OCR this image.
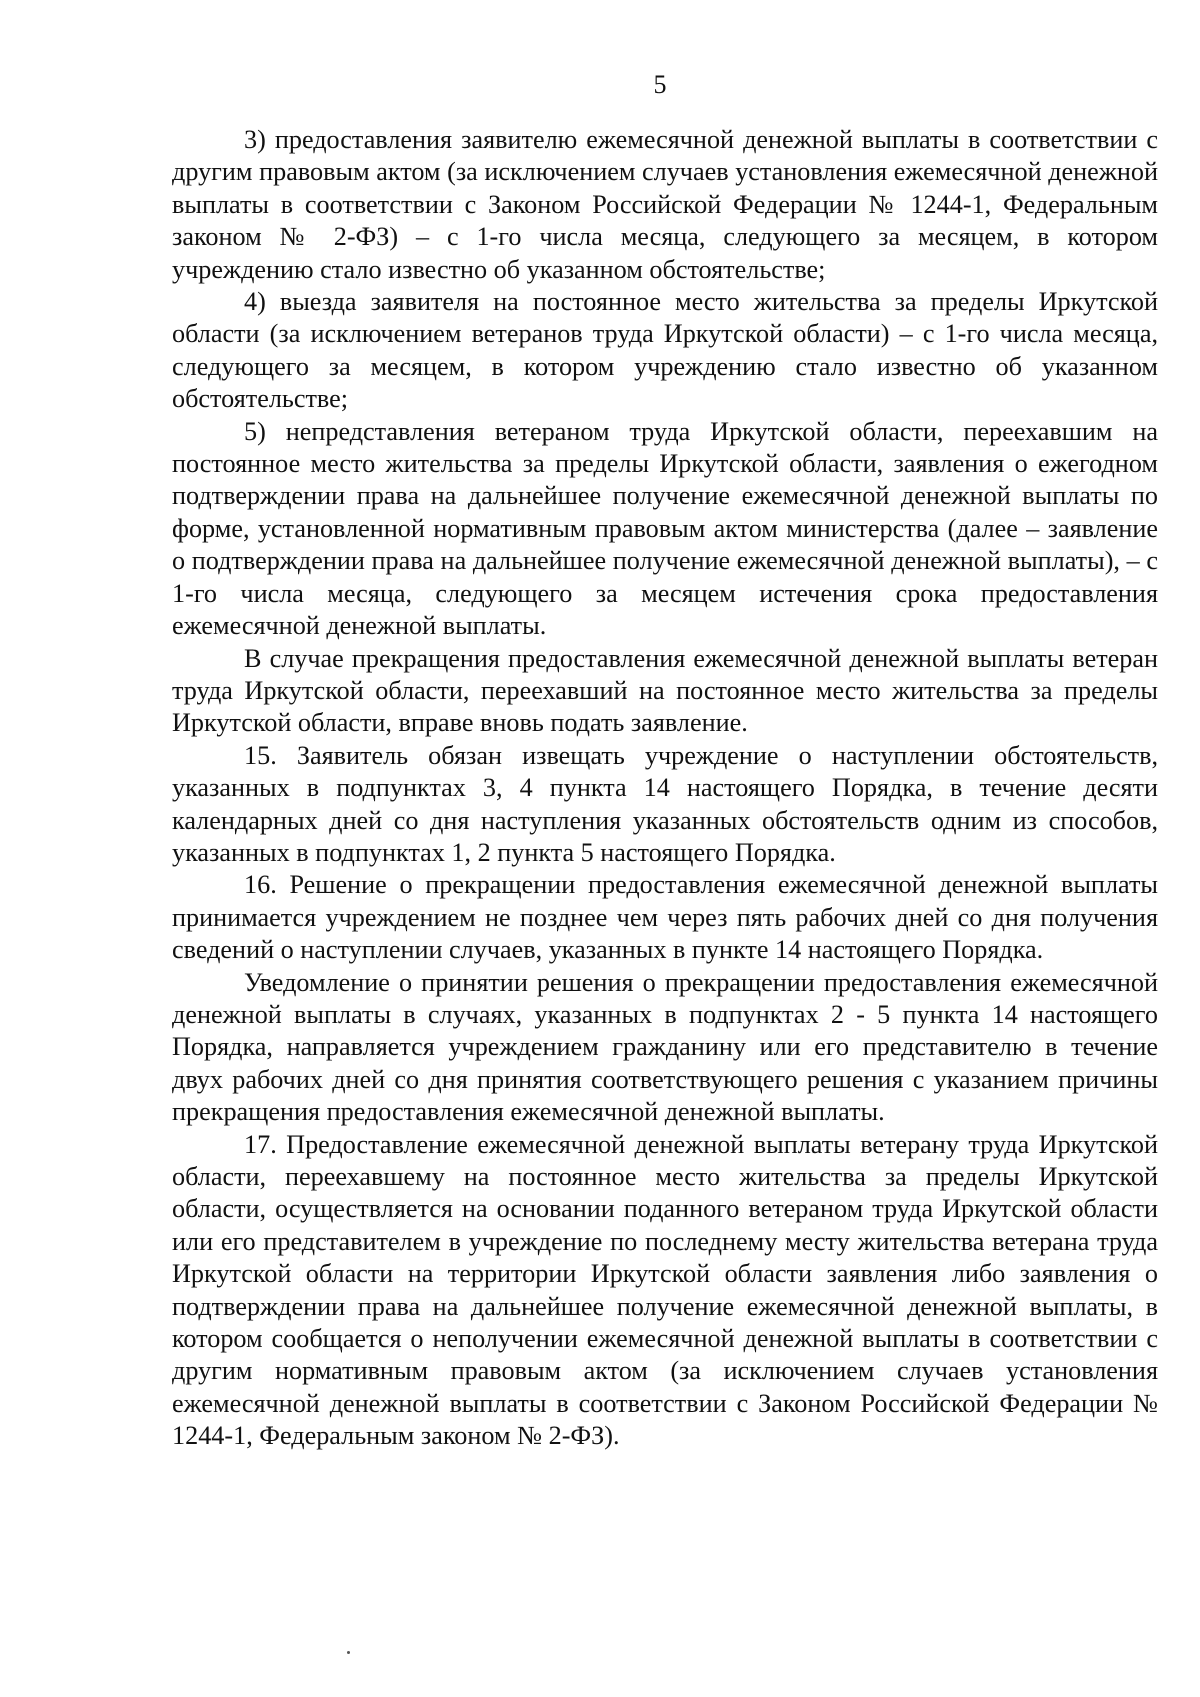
5

3) предоставления заявителю ежемесячной денежной выплаты в соответствии с другим правовым актом (за исключением случаев установления ежемесячной денежной выплаты в соответствии с Законом Российской Федерации № 1244-1, Федеральным законом № 2-ФЗ) – с 1-го числа месяца, следующего за месяцем, в котором учреждению стало известно об указанном обстоятельстве;

4) выезда заявителя на постоянное место жительства за пределы Иркутской области (за исключением ветеранов труда Иркутской области) – с 1-го числа месяца, следующего за месяцем, в котором учреждению стало известно об указанном обстоятельстве;

5) непредставления ветераном труда Иркутской области, переехавшим на постоянное место жительства за пределы Иркутской области, заявления о ежегодном подтверждении права на дальнейшее получение ежемесячной денежной выплаты по форме, установленной нормативным правовым актом министерства (далее – заявление о подтверждении права на дальнейшее получение ежемесячной денежной выплаты), – с 1-го числа месяца, следующего за месяцем истечения срока предоставления ежемесячной денежной выплаты.

В случае прекращения предоставления ежемесячной денежной выплаты ветеран труда Иркутской области, переехавший на постоянное место жительства за пределы Иркутской области, вправе вновь подать заявление.

15. Заявитель обязан извещать учреждение о наступлении обстоятельств, указанных в подпунктах 3, 4 пункта 14 настоящего Порядка, в течение десяти календарных дней со дня наступления указанных обстоятельств одним из способов, указанных в подпунктах 1, 2 пункта 5 настоящего Порядка.

16. Решение о прекращении предоставления ежемесячной денежной выплаты принимается учреждением не позднее чем через пять рабочих дней со дня получения сведений о наступлении случаев, указанных в пункте 14 настоящего Порядка.

Уведомление о принятии решения о прекращении предоставления ежемесячной денежной выплаты в случаях, указанных в подпунктах 2 - 5 пункта 14 настоящего Порядка, направляется учреждением гражданину или его представителю в течение двух рабочих дней со дня принятия соответствующего решения с указанием причины прекращения предоставления ежемесячной денежной выплаты.

17. Предоставление ежемесячной денежной выплаты ветерану труда Иркутской области, переехавшему на постоянное место жительства за пределы Иркутской области, осуществляется на основании поданного ветераном труда Иркутской области или его представителем в учреждение по последнему месту жительства ветерана труда Иркутской области на территории Иркутской области заявления либо заявления о подтверждении права на дальнейшее получение ежемесячной денежной выплаты, в котором сообщается о неполучении ежемесячной денежной выплаты в соответствии с другим нормативным правовым актом (за исключением случаев установления ежемесячной денежной выплаты в соответствии с Законом Российской Федерации № 1244-1, Федеральным законом № 2-ФЗ).
